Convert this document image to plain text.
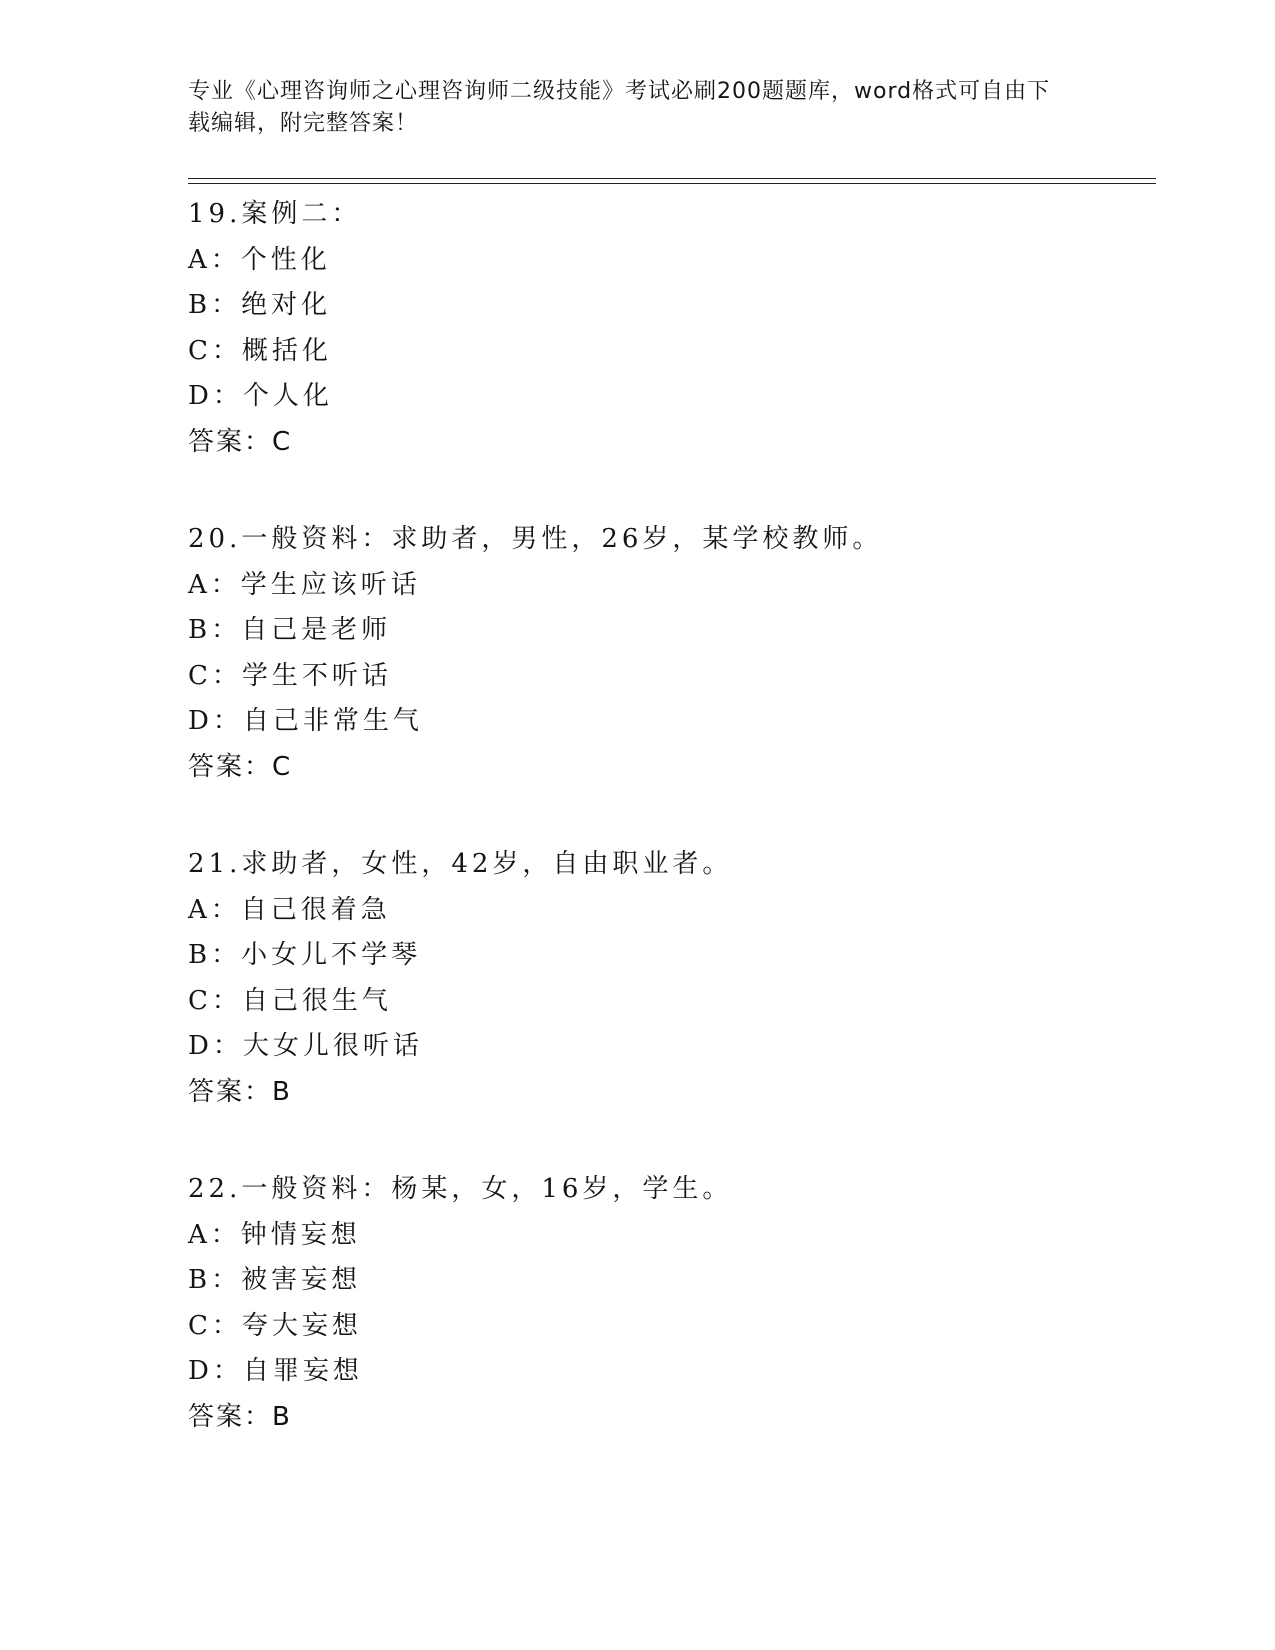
专业《心理咨询师之心理咨询师二级技能》考试必刷200题题库，word格式可自由下载编辑，附完整答案！
19.案例二：
A：个性化
B：绝对化
C：概括化
D：个人化
答案：C
20.一般资料：求助者，男性，26岁，某学校教师。
A：学生应该听话
B：自己是老师
C：学生不听话
D：自己非常生气
答案：C
21.求助者，女性，42岁，自由职业者。
A：自己很着急
B：小女儿不学琴
C：自己很生气
D：大女儿很听话
答案：B
22.一般资料：杨某，女，16岁，学生。
A：钟情妄想
B：被害妄想
C：夸大妄想
D：自罪妄想
答案：B
